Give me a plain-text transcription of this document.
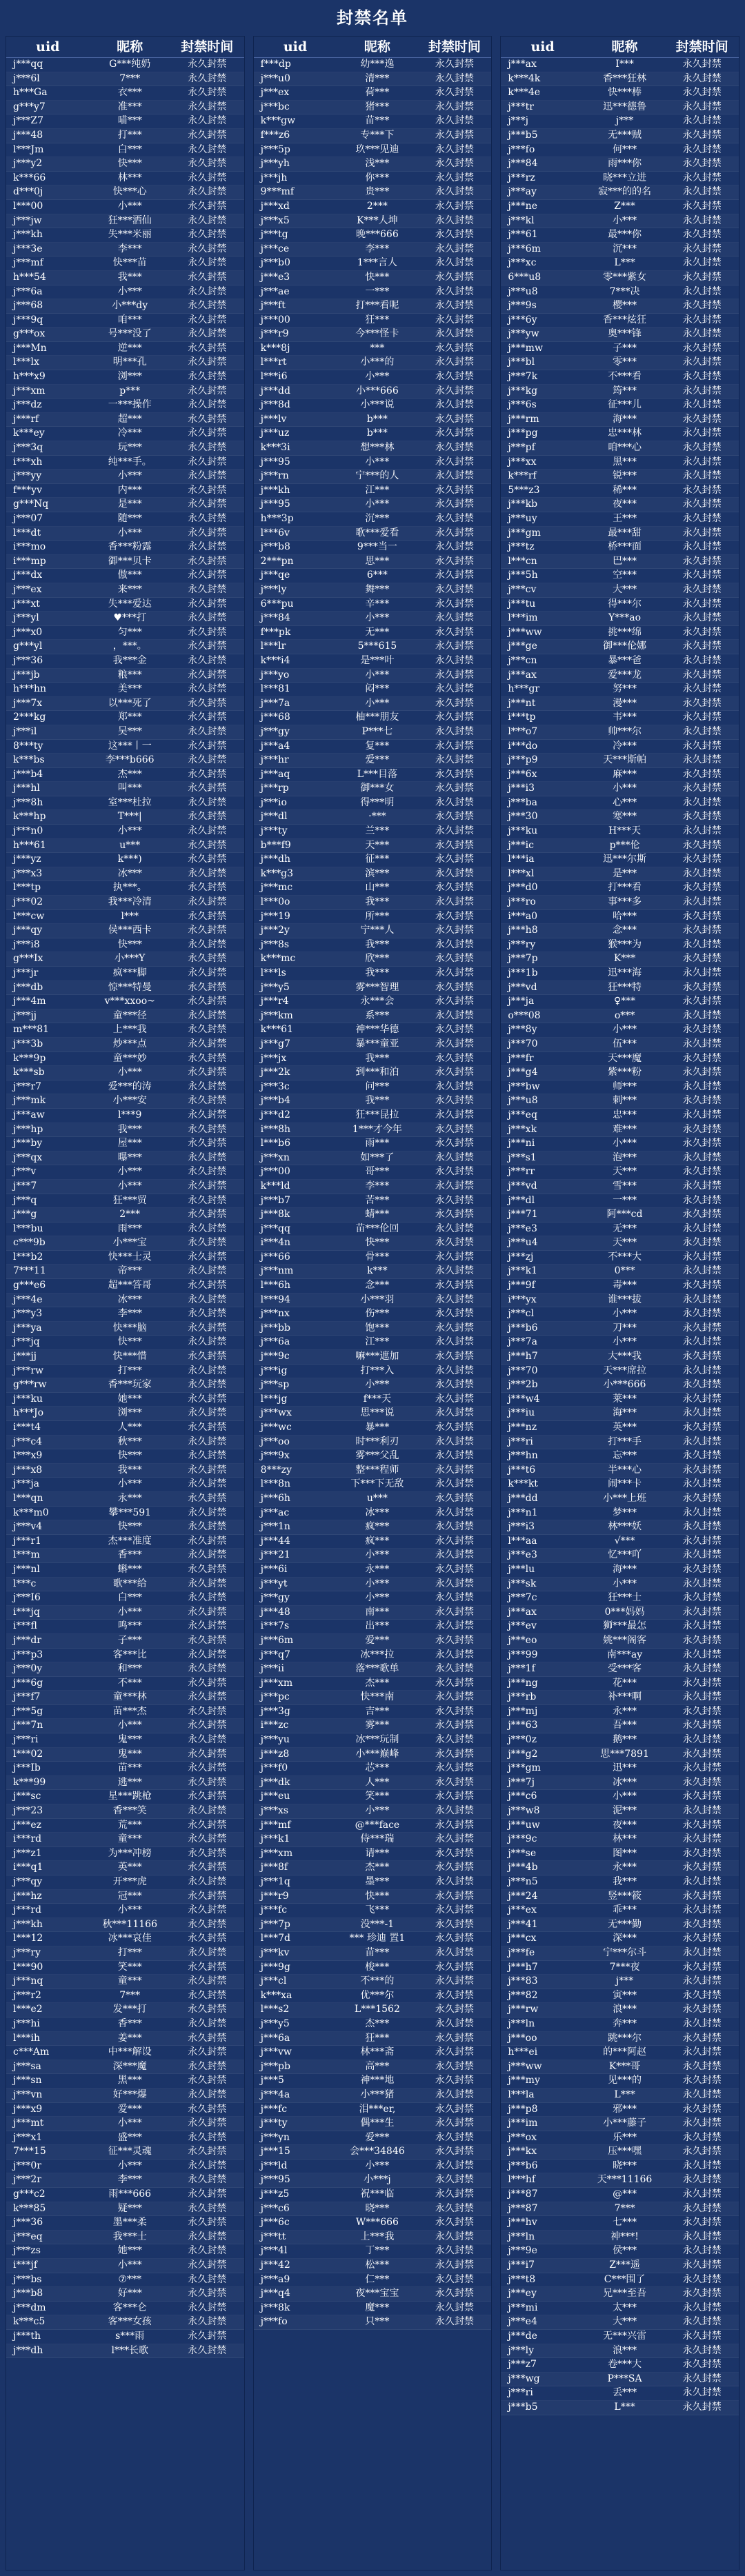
封禁名单
uid	昵称	封禁时间
j***qq	G***纯奶	永久封禁
j***6l	7***	永久封禁
h***Ga	衣***	永久封禁
g***y7	准***	永久封禁
j***Z7	喵***	永久封禁
j***48	打***	永久封禁
l***Jm	白***	永久封禁
j***y2	快***	永久封禁
k***66	林***	永久封禁
d***0j	快***心	永久封禁
l***00	小***	永久封禁
j***jw	狂***洒仙	永久封禁
j***kh	失***米丽	永久封禁
j***3e	李***	永久封禁
j***mf	快***苗	永久封禁
h***54	我***	永久封禁
j***6a	小***	永久封禁
j***68	小***dy	永久封禁
j***9q	咱***	永久封禁
g***ox	号***没了	永久封禁
j***Mn	逆***	永久封禁
l***lx	明***孔	永久封禁
h***x9	浏***	永久封禁
j***xm	p***	永久封禁
j***dz	一***操作	永久封禁
j***rf	超***	永久封禁
k***ey	冷***	永久封禁
j***3q	玩***	永久封禁
i***xh	纯***手。	永久封禁
j***yy	小***	永久封禁
f***yv	内***	永久封禁
g***Nq	是***	永久封禁
j***07	随***	永久封禁
l***dt	小***	永久封禁
i***mo	香***粉露	永久封禁
i***mp	御***贝卡	永久封禁
j***dx	傲***	永久封禁
j***ex	来***	永久封禁
j***xt	失***爱达	永久封禁
j***yl	♥***打	永久封禁
j***x0	匀***	永久封禁
g***yl	，***。	永久封禁
j***36	我***金	永久封禁
j***jb	粮***	永久封禁
h***hn	美***	永久封禁
j***7x	以***死了	永久封禁
2***kg	郑***	永久封禁
j***il	吴***	永久封禁
8***ty	这***丨一	永久封禁
k***bs	李***b666	永久封禁
j***b4	杰***	永久封禁
j***hl	叫***	永久封禁
j***8h	室***杜拉	永久封禁
k***hp	T***|	永久封禁
j***n0	小***	永久封禁
h***61	u***	永久封禁
j***yz	k***)	永久封禁
j***x3	冰***	永久封禁
l***tp	执***。	永久封禁
j***02	我***冷清	永久封禁
l***cw	l***	永久封禁
j***qy	侯***西卡	永久封禁
j***i8	快***	永久封禁
g***Ix	小***Y	永久封禁
j***jr	疯***脚	永久封禁
j***db	惊***特曼	永久封禁
j***4m	v***xxoo~	永久封禁
j***jj	童***径	永久封禁
m***81	上***我	永久封禁
j***3b	炒***点	永久封禁
k***9p	童***妙	永久封禁
k***sb	小***	永久封禁
j***r7	爱***的涛	永久封禁
j***mk	小***安	永久封禁
j***aw	l***9	永久封禁
j***hp	我***	永久封禁
j***by	屋***	永久封禁
j***qx	曝***	永久封禁
j***v	小***	永久封禁
j***7	小***	永久封禁
j***q	狂***贸	永久封禁
j***g	2***	永久封禁
l***bu	雨***	永久封禁
c***9b	小***宝	永久封禁
l***b2	快***士灵	永久封禁
7***11	帝***	永久封禁
g***e6	超***答哥	永久封禁
j***4e	冰***	永久封禁
j***y3	李***	永久封禁
j***ya	快***脑	永久封禁
j***jq	快***	永久封禁
j***jj	快***惜	永久封禁
j***rw	打***	永久封禁
g***rw	香***玩家	永久封禁
j***ku	她***	永久封禁
h***Jo	浏***	永久封禁
i***t4	人***	永久封禁
j***c4	秋***	永久封禁
l***x9	快***	永久封禁
j***x8	我***	永久封禁
j***ja	小***	永久封禁
l***qn	永***	永久封禁
k***m0	攀***591	永久封禁
j***v4	快***	永久封禁
j***r1	杰***准度	永久封禁
l***m	香***	永久封禁
j***nl	蝌***	永久封禁
l***c	歌***给	永久封禁
j***I6	白***	永久封禁
i***jq	小***	永久封禁
i***fl	鸣***	永久封禁
j***dr	子***	永久封禁
j***p3	客***比	永久封禁
j***0y	和***	永久封禁
j***6g	不***	永久封禁
j***f7	童***林	永久封禁
j***5g	苗***杰	永久封禁
j***7n	小***	永久封禁
j***ri	鬼***	永久封禁
l***02	鬼***	永久封禁
j***Ib	苗***	永久封禁
k***99	逃***	永久封禁
j***sc	星***跳枪	永久封禁
j***23	香***笑	永久封禁
j***ez	荒***	永久封禁
i***rd	童***	永久封禁
j***z1	为***冲榜	永久封禁
i***q1	英***	永久封禁
j***qy	开***虎	永久封禁
j***hz	冠***	永久封禁
j***rd	小***	永久封禁
j***kh	秋***11166	永久封禁
l***12	冰***哀佳	永久封禁
j***ry	打***	永久封禁
l***90	笑***	永久封禁
j***nq	童***	永久封禁
j***r2	7***	永久封禁
l***e2	发***打	永久封禁
j***hi	香***	永久封禁
l***ih	姜***	永久封禁
c***Am	中***解设	永久封禁
j***sa	深***魔	永久封禁
j***sn	黑***	永久封禁
j***vn	好***爆	永久封禁
j***x9	爱***	永久封禁
j***mt	小***	永久封禁
j***x1	盛***	永久封禁
7***15	征***灵魂	永久封禁
j***0r	小***	永久封禁
j***2r	李***	永久封禁
g***c2	雨***666	永久封禁
k***85	疑***	永久封禁
j***36	墨***柔	永久封禁
j***eq	我***士	永久封禁
j***zs	她***	永久封禁
i***jf	小***	永久封禁
j***bs	⑦***	永久封禁
j***b8	好***	永久封禁
j***dm	客***仑	永久封禁
k***c5	客***女孩	永久封禁
j***th	s***雨	永久封禁
j***dh	l***长歌	永久封禁
uid	昵称	封禁时间
f***dp	幼***逸	永久封禁
j***u0	清***	永久封禁
j***ex	荷***	永久封禁
j***bc	猪***	永久封禁
k***gw	苗***	永久封禁
f***z6	专***下	永久封禁
j***5p	玖***见迪	永久封禁
j***yh	浅***	永久封禁
j***jh	你***	永久封禁
9***mf	贵***	永久封禁
j***xd	2***	永久封禁
j***x5	K***人坤	永久封禁
j***tg	晚***666	永久封禁
j***ce	李***	永久封禁
j***b0	1***言人	永久封禁
j***e3	快***	永久封禁
j***ae	一***	永久封禁
j***ft	打***看呢	永久封禁
j***00	狂***	永久封禁
j***r9	今***怪卡	永久封禁
k***8j	***	永久封禁
l***rt	小***的	永久封禁
l***i6	小***	永久封禁
j***dd	小***666	永久封禁
j***8d	小***说	永久封禁
j***lv	b***	永久封禁
j***uz	b***	永久封禁
k***3i	想***林	永久封禁
j***95	小***	永久封禁
j***rn	宁***的人	永久封禁
j***kh	江***	永久封禁
j***95	小***	永久封禁
h***3p	沉***	永久封禁
l***6v	歌***爱看	永久封禁
j***b8	9***当一	永久封禁
2***pn	思***	永久封禁
j***qe	6***	永久封禁
j***ly	舞***	永久封禁
6***pu	辛***	永久封禁
j***84	小***	永久封禁
f***pk	无***	永久封禁
l***lr	5***615	永久封禁
k***i4	是***叶	永久封禁
j***yo	小***	永久封禁
l***81	闷***	永久封禁
j***7a	小***	永久封禁
j***68	柚***朋友	永久封禁
j***gy	P***七	永久封禁
j***a4	复***	永久封禁
j***hr	爱***	永久封禁
j***aq	L***目落	永久封禁
j***rp	御***女	永久封禁
j***io	得***明	永久封禁
j***dl	·***	永久封禁
j***ty	兰***	永久封禁
b***f9	天***	永久封禁
j***dh	征***	永久封禁
k***g3	滨***	永久封禁
j***mc	山***	永久封禁
l***0o	我***	永久封禁
j***19	所***	永久封禁
j***2y	宁***人	永久封禁
j***8s	我***	永久封禁
k***mc	欣***	永久封禁
l***ls	我***	永久封禁
j***y5	雾***智理	永久封禁
j***r4	永***会	永久封禁
j***km	系***	永久封禁
k***61	神***华德	永久封禁
j***g7	暴***童亚	永久封禁
j***jx	我***	永久封禁
j***2k	到***和泊	永久封禁
j***3c	问***	永久封禁
j***b4	我***	永久封禁
j***d2	狂***昆拉	永久封禁
i***8h	1***才今年	永久封禁
l***b6	雨***	永久封禁
j***xn	如***了	永久封禁
j***00	哥***	永久封禁
k***ld	李***	永久封禁
j***b7	苦***	永久封禁
j***8k	蜻***	永久封禁
j***qq	苗***伦回	永久封禁
i***4n	快***	永久封禁
j***66	骨***	永久封禁
j***nm	k***	永久封禁
l***6h	念***	永久封禁
l***94	小***羽	永久封禁
j***nx	伤***	永久封禁
j***bb	饱***	永久封禁
j***6a	江***	永久封禁
j***9c	嘛***遮加	永久封禁
j***ig	打***入	永久封禁
j***sp	小***	永久封禁
l***jg	f***天	永久封禁
j***wx	思***说	永久封禁
j***wc	暴***	永久封禁
j***oo	时***利刃	永久封禁
j***9x	雾***父乱	永久封禁
8***zy	整***程师	永久封禁
l***8n	下***下无敌	永久封禁
j***6h	u***	永久封禁
j***ac	冰***	永久封禁
j***1n	疯***	永久封禁
j***44	疯***	永久封禁
j***21	小***	永久封禁
j***6i	永***	永久封禁
j***yt	小***	永久封禁
j***gy	小***	永久封禁
j***48	南***	永久封禁
i***7s	出***	永久封禁
j***6m	爱***	永久封禁
j***q7	冰***拉	永久封禁
j***ii	落***歌单	永久封禁
j***xm	杰***	永久封禁
j***pc	快***南	永久封禁
j***3g	吉***	永久封禁
i***zc	雾***	永久封禁
j***yu	冰***玩制	永久封禁
j***z8	小***巅峰	永久封禁
j***f0	芯***	永久封禁
j***dk	人***	永久封禁
j***eu	笑***	永久封禁
j***xs	小***	永久封禁
j***mf	@***face	永久封禁
j***k1	侍***瑞	永久封禁
j***xm	请***	永久封禁
j***8f	杰***	永久封禁
j***1q	墨***	永久封禁
j***r9	快***	永久封禁
j***fc	飞***	永久封禁
j***7p	没***-1	永久封禁
l***7d	*** 珍迪 置1	永久封禁
j***kv	苗***	永久封禁
j***9g	梭***	永久封禁
j***cl	不***的	永久封禁
k***xa	优***尔	永久封禁
l***s2	L***1562	永久封禁
j***y5	杰***	永久封禁
j***6a	狂***	永久封禁
j***vw	林***斋	永久封禁
j***pb	高***	永久封禁
j***5	神***地	永久封禁
j***4a	小***猪	永久封禁
j***fc	泪***er,	永久封禁
j***ty	偶***生	永久封禁
j***yn	爱***	永久封禁
j***15	会***34846	永久封禁
j***ld	小***	永久封禁
j***95	小***j	永久封禁
j***z5	祝***临	永久封禁
j***c6	晓***	永久封禁
j***6c	W***666	永久封禁
j***tt	上***我	永久封禁
j***4l	丁***	永久封禁
j***42	松***	永久封禁
j***a9	仁***	永久封禁
j***q4	夜***宝宝	永久封禁
j***8k	魔***	永久封禁
j***fo	只***	永久封禁
uid	昵称	封禁时间
j***ax	I***	永久封禁
k***4k	香***狂林	永久封禁
k***4e	快***棒	永久封禁
j***tr	迅***德鲁	永久封禁
j***j	j***	永久封禁
j***b5	无***贼	永久封禁
j***fo	何***	永久封禁
j***84	雨***你	永久封禁
j***rz	晓***立进	永久封禁
j***ay	寂***的的名	永久封禁
j***ne	Z***	永久封禁
j***kl	小***	永久封禁
j***61	最***你	永久封禁
j***6m	沉***	永久封禁
j***xc	L***	永久封禁
6***u8	零***紫女	永久封禁
j***u8	7***决	永久封禁
j***9s	樱***	永久封禁
j***6y	香***炫狂	永久封禁
j***yw	奥***锋	永久封禁
j***mw	子***	永久封禁
j***bl	零***	永久封禁
j***7k	不***看	永久封禁
j***kg	筠***	永久封禁
j***6s	征***儿	永久封禁
j***rm	海***	永久封禁
j***pg	忠***林	永久封禁
j***pf	咱***心	永久封禁
j***xx	黑***	永久封禁
k***rf	锐***	永久封禁
5***z3	稀***	永久封禁
j***kb	夜***	永久封禁
j***uy	王***	永久封禁
j***gm	最***甜	永久封禁
j***tz	桥***面	永久封禁
l***cn	巴***	永久封禁
j***5h	空***	永久封禁
j***cv	大***	永久封禁
j***tu	得***尔	永久封禁
l***im	Y***ao	永久封禁
j***ww	挑***绵	永久封禁
j***ge	御***伦娜	永久封禁
j***cn	暴***爸	永久封禁
j***ax	爱***龙	永久封禁
h***gr	努***	永久封禁
j***nt	漫***	永久封禁
i***tp	韦***	永久封禁
l***o7	帅***尔	永久封禁
i***do	冷***	永久封禁
j***p9	天***斯帕	永久封禁
j***6x	麻***	永久封禁
j***i3	小***	永久封禁
j***ba	心***	永久封禁
j***30	寒***	永久封禁
j***ku	H***天	永久封禁
j***ic	p***伦	永久封禁
l***ia	迅***尔斯	永久封禁
l***xl	是***	永久封禁
j***d0	打***看	永久封禁
j***ro	事***多	永久封禁
i***a0	哈***	永久封禁
j***h8	念***	永久封禁
j***ry	猴***为	永久封禁
j***7p	K***	永久封禁
j***1b	迅***海	永久封禁
j***vd	狂***特	永久封禁
j***ja	♀***	永久封禁
o***08	o***	永久封禁
j***8y	小***	永久封禁
j***70	伍***	永久封禁
j***fr	天***魔	永久封禁
j***g4	紫***粉	永久封禁
j***bw	师***	永久封禁
j***u8	刺***	永久封禁
j***eq	忠***	永久封禁
j***xk	难***	永久封禁
j***ni	小***	永久封禁
j***s1	泡***	永久封禁
j***rr	天***	永久封禁
j***vd	雪***	永久封禁
j***dl	一***	永久封禁
j***71	阿***cd	永久封禁
j***e3	无***	永久封禁
j***u4	天***	永久封禁
j***zj	不***大	永久封禁
j***k1	0***	永久封禁
j***9f	毒***	永久封禁
i***yx	谁***拔	永久封禁
j***cl	小***	永久封禁
j***b6	刀***	永久封禁
j***7a	小***	永久封禁
j***h7	大***我	永久封禁
j***70	天***席拉	永久封禁
j***2b	小***666	永久封禁
j***w4	莱***	永久封禁
j***iu	海***	永久封禁
j***nz	英***	永久封禁
j***ri	打***手	永久封禁
j***hn	忘***	永久封禁
j***t6	半***心	永久封禁
k***kt	闹***卡	永久封禁
j***dd	小***上班	永久封禁
j***n1	梦***	永久封禁
j***i3	林***妖	永久封禁
l***aa	√***	永久封禁
j***e3	忆***吖	永久封禁
j***lu	海***	永久封禁
j***sk	小***	永久封禁
j***7c	狂***士	永久封禁
j***ax	0***妈妈	永久封禁
j***ev	狮***最怎	永久封禁
j***eo	姚***阁客	永久封禁
j***99	南***ay	永久封禁
j***1f	受***客	永久封禁
j***ng	花***	永久封禁
j***rb	补***啊	永久封禁
j***mj	永***	永久封禁
j***63	吾***	永久封禁
j***0z	鹅***	永久封禁
j***g2	思***7891	永久封禁
j***gm	迅***	永久封禁
j***7j	冰***	永久封禁
j***c6	小***	永久封禁
j***w8	泥***	永久封禁
j***uw	夜***	永久封禁
j***9c	林***	永久封禁
j***se	图***	永久封禁
j***4b	永***	永久封禁
j***n5	我***	永久封禁
j***24	竖***筱	永久封禁
j***ex	乖***	永久封禁
j***41	无***勤	永久封禁
j***cx	深***	永久封禁
j***fe	宁***尔斗	永久封禁
j***h7	7***夜	永久封禁
j***83	j***	永久封禁
j***82	寅***	永久封禁
j***rw	浪***	永久封禁
j***ln	奔***	永久封禁
j***oo	跳***尔	永久封禁
h***ei	的***阿赵	永久封禁
j***ww	K***哥	永久封禁
j***my	见***的	永久封禁
l***la	L***	永久封禁
j***p8	邪***	永久封禁
j***im	小***藤子	永久封禁
j***ox	乐***	永久封禁
j***kx	压***嘿	永久封禁
j***b6	晓***	永久封禁
l***hf	天***11166	永久封禁
j***87	@***	永久封禁
j***87	7***	永久封禁
j***hv	七***	永久封禁
j***ln	神***!	永久封禁
j***9e	侯***	永久封禁
j***i7	Z***遥	永久封禁
j***t8	C***围了	永久封禁
j***ey	兄***至吾	永久封禁
j***mi	太***	永久封禁
j***e4	大***	永久封禁
j***de	无***兴雷	永久封禁
j***ly	浪***	永久封禁
j***z7	卷***大	永久封禁
j***wg	P***SA	永久封禁
j***ri	丢***	永久封禁
j***b5	L***	永久封禁
